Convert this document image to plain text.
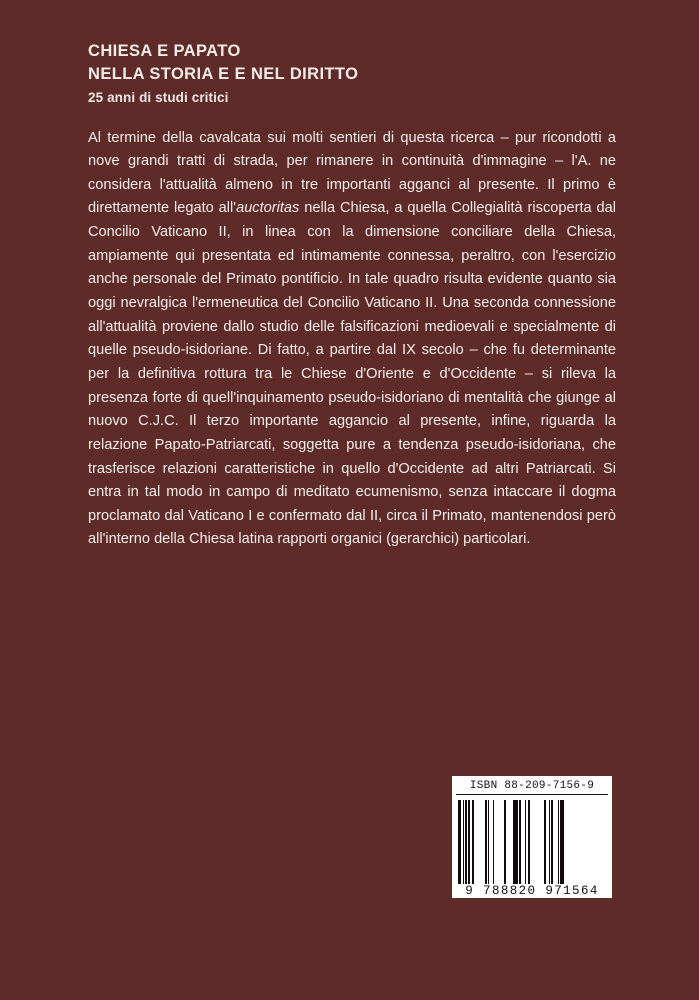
CHIESA E PAPATO
NELLA STORIA E E NEL DIRITTO
25 anni di studi critici
Al termine della cavalcata sui molti sentieri di questa ricerca – pur ricondotti a nove grandi tratti di strada, per rimanere in continuità d'immagine – l'A. ne considera l'attualità almeno in tre importanti agganci al presente. Il primo è direttamente legato all'auctoritas nella Chiesa, a quella Collegialità riscoperta dal Concilio Vaticano II, in linea con la dimensione conciliare della Chiesa, ampiamente qui presentata ed intimamente connessa, peraltro, con l'esercizio anche personale del Primato pontificio. In tale quadro risulta evidente quanto sia oggi nevralgica l'ermeneutica del Concilio Vaticano II. Una seconda connessione all'attualità proviene dallo studio delle falsificazioni medioevali e specialmente di quelle pseudo-isidoriane. Di fatto, a partire dal IX secolo – che fu determinante per la definitiva rottura tra le Chiese d'Oriente e d'Occidente – si rileva la presenza forte di quell'inquinamento pseudo-isidoriano di mentalità che giunge al nuovo C.J.C. Il terzo importante aggancio al presente, infine, riguarda la relazione Papato-Patriarcati, soggetta pure a tendenza pseudo-isidoriana, che trasferisce relazioni caratteristiche in quello d'Occidente ad altri Patriarcati. Si entra in tal modo in campo di meditato ecumenismo, senza intaccare il dogma proclamato dal Vaticano I e confermato dal II, circa il Primato, mantenendosi però all'interno della Chiesa latina rapporti organici (gerarchici) particolari.
ISBN 88-209-7156-9
9 788820 971564
